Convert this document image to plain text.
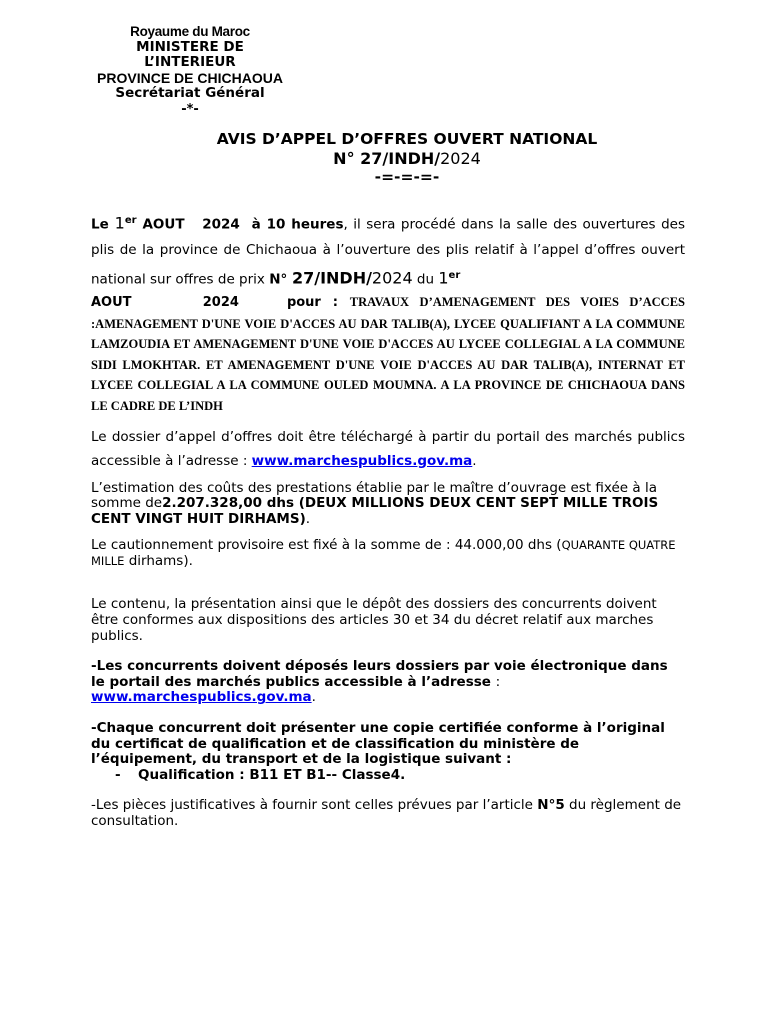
Royaume du Maroc
MINISTERE DE
L’INTERIEUR
PROVINCE DE CHICHAOUA
Secrétariat Général
-*-
AVIS D’APPEL D’OFFRES OUVERT NATIONAL
N° 27/INDH/2024
-=-=-=-

Le 1er AOUT   2024  à 10 heures, il sera procédé dans la salle des ouvertures des plis de la province de Chichaoua à l’ouverture des plis relatif à l’appel d’offres ouvert national sur offres de prix N° 27/INDH/2024 du 1er

AOUT      2024	pour : TRAVAUX D’AMENAGEMENT DES VOIES D’ACCES :AMENAGEMENT D'UNE VOIE D'ACCES AU DAR TALIB(A), LYCEE QUALIFIANT A LA COMMUNE LAMZOUDIA ET AMENAGEMENT D'UNE VOIE D'ACCES AU LYCEE COLLEGIAL A LA COMMUNE SIDI LMOKHTAR. ET AMENAGEMENT D'UNE VOIE D'ACCES AU DAR TALIB(A), INTERNAT ET LYCEE COLLEGIAL A LA COMMUNE OULED MOUMNA. A LA PROVINCE DE CHICHAOUA DANS LE CADRE DE L’INDH

Le dossier d’appel d’offres doit être téléchargé à partir du portail des marchés publics accessible à l’adresse : www.marchespublics.gov.ma.

L’estimation des coûts des prestations établie par le maître d’ouvrage est fixée à la somme de2.207.328,00 dhs (DEUX MILLIONS DEUX CENT SEPT MILLE TROIS CENT VINGT HUIT DIRHAMS).

Le cautionnement provisoire est fixé à la somme de : 44.000,00 dhs (QUARANTE QUATRE MILLE dirhams).

Le contenu, la présentation ainsi que le dépôt des dossiers des concurrents doivent être conformes aux dispositions des articles 30 et 34 du décret relatif aux marches publics.

-Les concurrents doivent déposés leurs dossiers par voie électronique dans le portail des marchés publics accessible à l’adresse : www.marchespublics.gov.ma.

-Chaque concurrent doit présenter une copie certifiée conforme à l’original du certificat de qualification et de classification du ministère de l’équipement, du transport et de la logistique suivant :
-	Qualification : B11 ET B1-- Classe4.

-Les pièces justificatives à fournir sont celles prévues par l’article N°5 du règlement de consultation.
